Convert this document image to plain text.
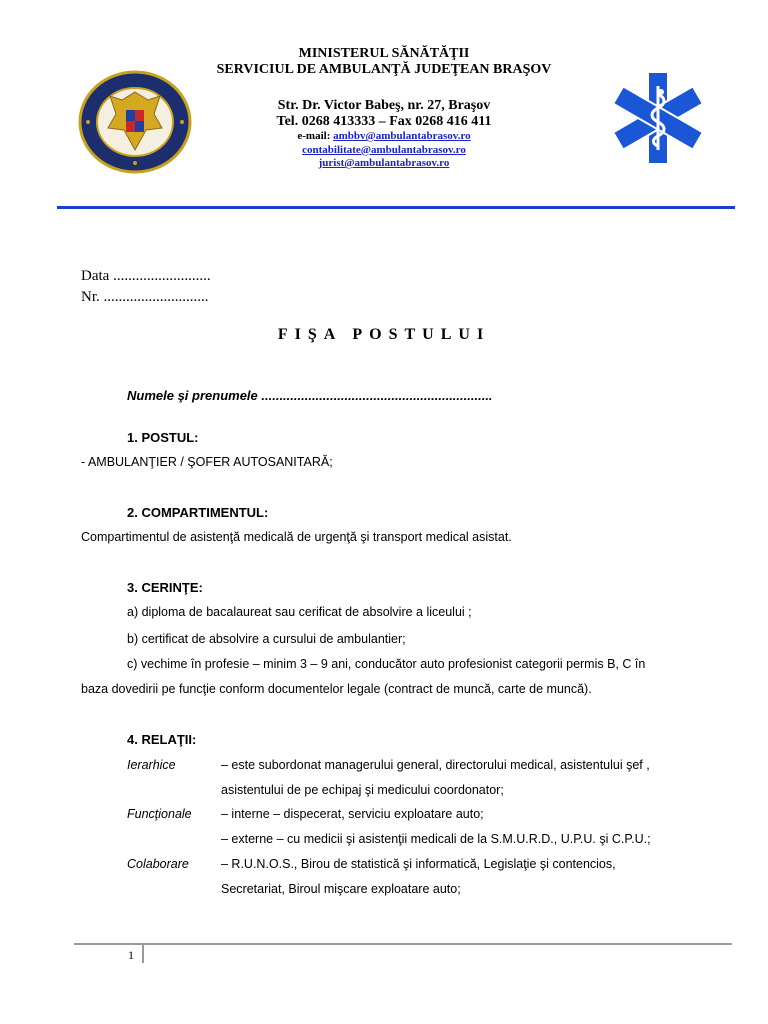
MINISTERUL SĂNĂTĂŢII
SERVICIUL DE AMBULANŢĂ JUDEŢEAN BRAŞOV
Str. Dr. Victor Babeş, nr. 27, Braşov
Tel. 0268 413333 – Fax 0268 416 411
e-mail: ambbv@ambulantabrasov.ro
contabilitate@ambulantabrasov.ro
jurist@ambulantabrasov.ro
Data ..........................
Nr. ............................
FIŞA POSTULUI
Numele şi prenumele ................................................................
1. POSTUL:
- AMBULANŢIER / ŞOFER AUTOSANITARĂ;
2. COMPARTIMENTUL:
Compartimentul de asistenţă medicală de urgenţă şi transport medical asistat.
3. CERINŢE:
a) diploma de bacalaureat sau cerificat de absolvire a liceului ;
b) certificat de absolvire a cursului de ambulantier;
c) vechime în profesie – minim 3 – 9 ani, conducător auto profesionist categorii permis B, C în
baza dovedirii pe funcţie conform documentelor legale (contract de muncă, carte de muncă).
4. RELAŢII:
Ierarhice	– este subordonat managerului general, directorului medical, asistentului şef ,
asistentului de pe echipaj şi medicului coordonator;
Funcţionale – interne – dispecerat, serviciu exploatare auto;
– externe – cu medicii şi asistenţii medicali de la S.M.U.R.D., U.P.U. şi C.P.U.;
Colaborare	– R.U.N.O.S., Birou de statistică şi informatică, Legislaţie şi contencios,
Secretariat, Biroul mişcare exploatare auto;
1
